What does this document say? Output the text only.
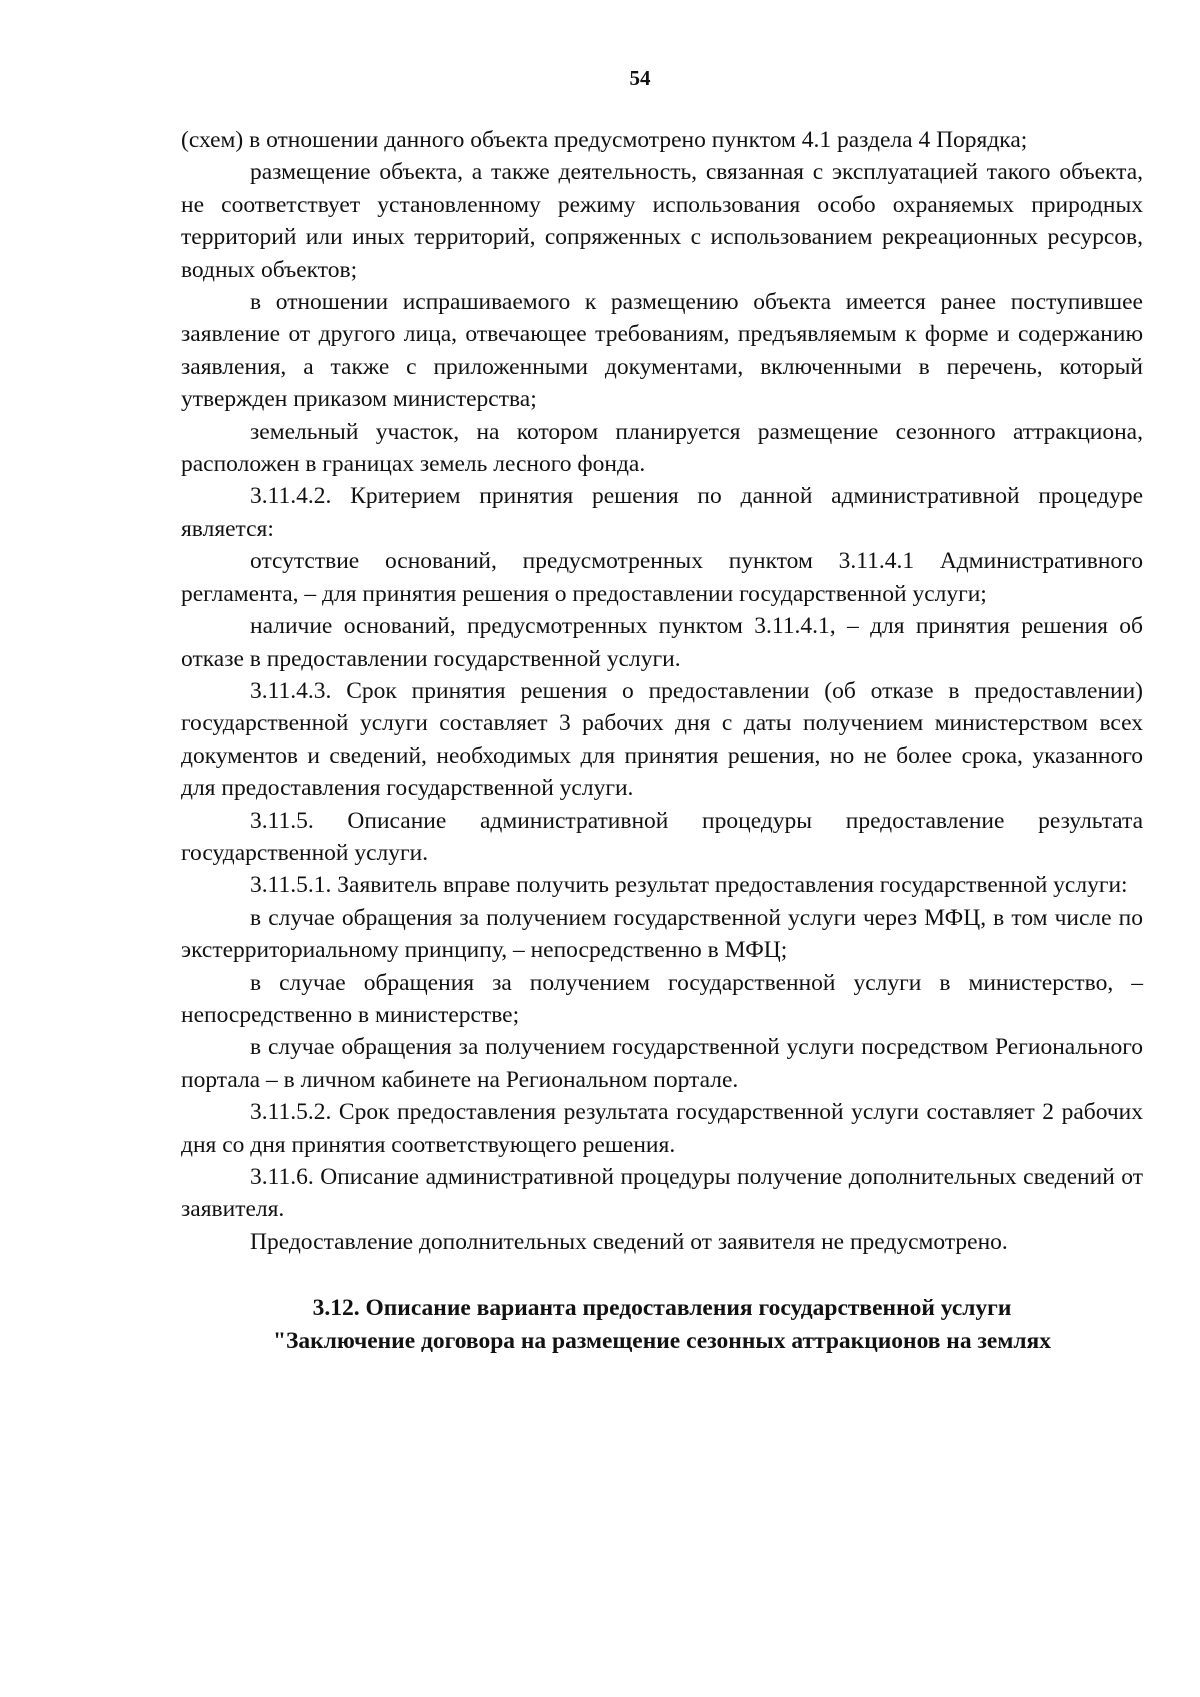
54

(схем) в отношении данного объекта предусмотрено пунктом 4.1 раздела 4 Порядка;

размещение объекта, а также деятельность, связанная с эксплуатацией такого объекта, не соответствует установленному режиму использования особо охраняемых природных территорий или иных территорий, сопряженных с использованием рекреационных ресурсов, водных объектов;

в отношении испрашиваемого к размещению объекта имеется ранее поступившее заявление от другого лица, отвечающее требованиям, предъявляемым к форме и содержанию заявления, а также с приложенными документами, включенными в перечень, который утвержден приказом министерства;

земельный участок, на котором планируется размещение сезонного аттракциона, расположен в границах земель лесного фонда.

3.11.4.2. Критерием принятия решения по данной административной процедуре является:

отсутствие оснований, предусмотренных пунктом 3.11.4.1 Административного регламента, – для принятия решения о предоставлении государственной услуги;

наличие оснований, предусмотренных пунктом 3.11.4.1, – для принятия решения об отказе в предоставлении государственной услуги.

3.11.4.3. Срок принятия решения о предоставлении (об отказе в предоставлении) государственной услуги составляет 3 рабочих дня с даты получением министерством всех документов и сведений, необходимых для принятия решения, но не более срока, указанного для предоставления государственной услуги.

3.11.5. Описание административной процедуры предоставление результата государственной услуги.

3.11.5.1. Заявитель вправе получить результат предоставления государственной услуги:

в случае обращения за получением государственной услуги через МФЦ, в том числе по экстерриториальному принципу, – непосредственно в МФЦ;

в случае обращения за получением государственной услуги в министерство, – непосредственно в министерстве;

в случае обращения за получением государственной услуги посредством Регионального портала – в личном кабинете на Региональном портале.

3.11.5.2. Срок предоставления результата государственной услуги составляет 2 рабочих дня со дня принятия соответствующего решения.

3.11.6. Описание административной процедуры получение дополнительных сведений от заявителя.

Предоставление дополнительных сведений от заявителя не предусмотрено.

3.12. Описание варианта предоставления государственной услуги
"Заключение договора на размещение сезонных аттракционов на землях
